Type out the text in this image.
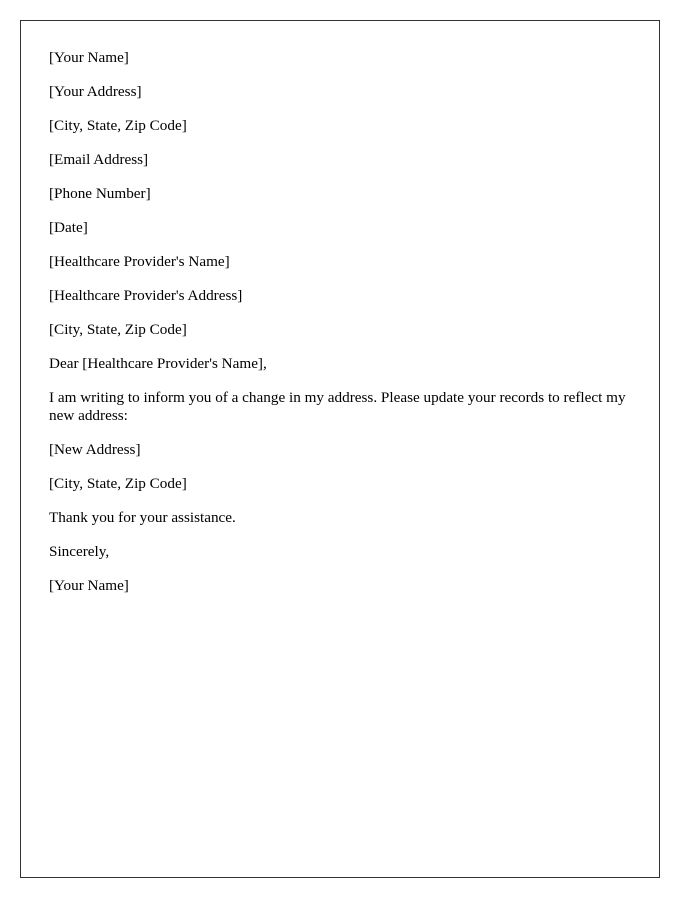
[Your Name]
[Your Address]
[City, State, Zip Code]
[Email Address]
[Phone Number]
[Date]
[Healthcare Provider's Name]
[Healthcare Provider's Address]
[City, State, Zip Code]
Dear [Healthcare Provider's Name],
I am writing to inform you of a change in my address. Please update your records to reflect my new address:
[New Address]
[City, State, Zip Code]
Thank you for your assistance.
Sincerely,
[Your Name]
